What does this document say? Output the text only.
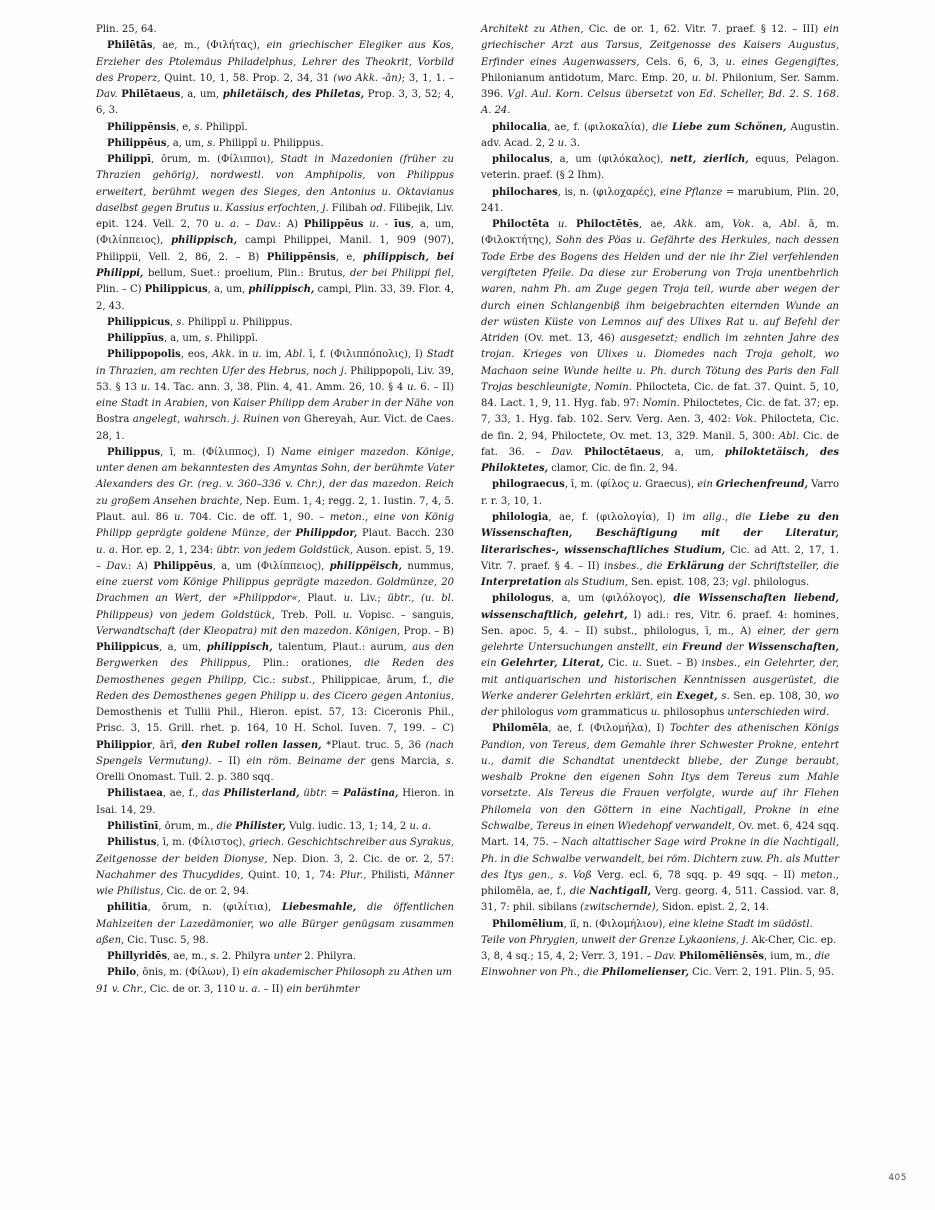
Plin. 25, 64.

Philētās, ae, m., (Φιλήτας), ein griechischer Elegiker aus Kos, Erzieher des Ptolemäus Philadelphus, Lehrer des Theokrit, Vorbild des Properz, Quint. 10, 1, 58. Prop. 2, 34, 31 (wo Akk. -ān); 3, 1, 1. – Dav. Philētaeus, a, um, philetäisch, des Philetas, Prop. 3, 3, 52; 4, 6, 3.

Philippēnsis, e, s. Philippī.

Philippēus, a, um, s. Philippī u. Philippus.

Philippī, ōrum, m. (Φίλιπποι), Stadt in Mazedonien (früher zu Thrazien gehörig), nordwestl. von Amphipolis, von Philippus erweitert, berühmt wegen des Sieges, den Antonius u. Oktavianus daselbst gegen Brutus u. Kassius erfochten, j. Filibah od. Filibejik, Liv. epit. 124. Vell. 2, 70 u. a. – Dav.: A) Philippēus u. - īus, a, um, (Φιλίππειος), philippisch, campi Philippei, Manil. 1, 909 (907), Philippii, Vell. 2, 86, 2. – B) Philippēnsis, e, philippisch, bei Philippi, bellum, Suet.: proelium, Plin.: Brutus, der bei Philippi fiel, Plin. – C) Philippicus, a, um, philippisch, campi, Plin. 33, 39. Flor. 4, 2, 43.

Philippicus, s. Philippī u. Philippus.

Philippīus, a, um, s. Philippī.

Philippopolis, eos, Akk. in u. im, Abl. ī, f. (Φιλιππόπολις), I) Stadt in Thrazien, am rechten Ufer des Hebrus, noch j. Philippopoli, Liv. 39, 53. § 13 u. 14. Tac. ann. 3, 38. Plin. 4, 41. Amm. 26, 10. § 4 u. 6. – II) eine Stadt in Arabien, von Kaiser Philipp dem Araber in der Nähe von Bostra angelegt, wahrsch. j. Ruinen von Ghereyah, Aur. Vict. de Caes. 28, 1.

Philippus, ī, m. (Φίλιππος), I) Name einiger mazedon. Könige, unter denen am bekanntesten des Amyntas Sohn, der berühmte Vater Alexanders des Gr. (reg. v. 360–336 v. Chr.), der das mazedon. Reich zu großem Ansehen brachte, Nep. Eum. 1, 4; regg. 2, 1. Iustin. 7, 4, 5. Plaut. aul. 86 u. 704. Cic. de off. 1, 90. – meton., eine von König Philipp geprägte goldene Münze, der Philippdor, Plaut. Bacch. 230 u. a. Hor. ep. 2, 1, 234: übtr. von jedem Goldstück, Auson. epist. 5, 19. – Dav.: A) Philippēus, a, um (Φιλίππειος), philippëisch, nummus, eine zuerst vom Könige Philippus geprägte mazedon. Goldmünze, 20 Drachmen an Wert, der »Philippdor«, Plaut. u. Liv.; übtr., (u. bl. Philippeus) von jedem Goldstück, Treb. Poll. u. Vopisc. – sanguis, Verwandtschaft (der Kleopatra) mit den mazedon. Königen, Prop. – B) Philippicus, a, um, philippisch, talentum, Plaut.: aurum, aus den Bergwerken des Philippus, Plin.: orationes, die Reden des Demosthenes gegen Philipp, Cic.: subst., Philippicae, ārum, f., die Reden des Demosthenes gegen Philipp u. des Cicero gegen Antonius, Demosthenis et Tullii Phil., Hieron. epist. 57, 13: Ciceronis Phil., Prisc. 3, 15. Grill. rhet. p. 164, 10 H. Schol. Iuven. 7, 199. – C) Philippior, ārī, den Rubel rollen lassen, *Plaut. truc. 5, 36 (nach Spengels Vermutung). – II) ein röm. Beiname der gens Marcia, s. Orelli Onomast. Tull. 2. p. 380 sqq.

Philistaea, ae, f., das Philisterland, übtr. = Palästina, Hieron. in Isai. 14, 29.

Philistīnī, ōrum, m., die Philister, Vulg. iudic. 13, 1; 14, 2 u. a.

Philistus, ī, m. (Φίλιστος), griech. Geschichtschreiber aus Syrakus, Zeitgenosse der beiden Dionyse, Nep. Dion. 3, 2. Cic. de or. 2, 57: Nachahmer des Thucydides, Quint. 10, 1, 74: Plur., Philisti, Männer wie Philistus, Cic. de or. 2, 94.

philitia, ōrum, n. (φιλίτια), Liebesmahle, die öffentlichen Mahlzeiten der Lazedämonier, wo alle Bürger genügsam zusammen aßen, Cic. Tusc. 5, 98.

Phillyridēs, ae, m., s. 2. Philyra unter 2. Philyra.

Philo, ōnis, m. (Φίλων), I) ein akademischer Philosoph zu Athen um 91 v. Chr., Cic. de or. 3, 110 u. a. – II) ein berühmter

Architekt zu Athen, Cic. de or. 1, 62. Vitr. 7. praef. § 12. – III) ein griechischer Arzt aus Tarsus, Zeitgenosse des Kaisers Augustus, Erfinder eines Augenwassers, Cels. 6, 6, 3, u. eines Gegengiftes, Philonianum antidotum, Marc. Emp. 20, u. bl. Philonium, Ser. Samm. 396. Vgl. Aul. Korn. Celsus übersetzt von Ed. Scheller, Bd. 2. S. 168. A. 24.

philocalia, ae, f. (φιλοκαλία), die Liebe zum Schönen, Augustin. adv. Acad. 2, 2 u. 3.

philocalus, a, um (φιλόκαλος), nett, zierlich, equus, Pelagon. veterin. praef. (§ 2 Ihm).

philochares, is, n. (φιλοχαρές), eine Pflanze = marubium, Plin. 20, 241.

Philoctēta u. Philoctētēs, ae, Akk. am, Vok. a, Abl. ā, m. (Φιλοκτήτης), Sohn des Pöas u. Gefährte des Herkules, nach dessen Tode Erbe des Bogens des Helden und der nie ihr Ziel verfehlenden vergifteten Pfeile. Da diese zur Eroberung von Troja unentbehrlich waren, nahm Ph. am Zuge gegen Troja teil, wurde aber wegen der durch einen Schlangenbiß ihm beigebrachten eiternden Wunde an der wüsten Küste von Lemnos auf des Ulixes Rat u. auf Befehl der Atriden (Ov. met. 13, 46) ausgesetzt; endlich im zehnten Jahre des trojan. Krieges von Ulixes u. Diomedes nach Troja geholt, wo Machaon seine Wunde heilte u. Ph. durch Tötung des Paris den Fall Trojas beschleunigte, Nomin. Philocteta, Cic. de fat. 37. Quint. 5, 10, 84. Lact. 1, 9, 11. Hyg. fab. 97: Nomin. Philoctetes, Cic. de fat. 37; ep. 7, 33, 1. Hyg. fab. 102. Serv. Verg. Aen. 3, 402: Vok. Philocteta, Cic. de fin. 2, 94, Philoctete, Ov. met. 13, 329. Manil. 5, 300: Abl. Cic. de fat. 36. – Dav. Philoctētaeus, a, um, philoktetäisch, des Philoktetes, clamor, Cic. de fin. 2, 94.

philograecus, ī, m. (φίλος u. Graecus), ein Griechenfreund, Varro r. r. 3, 10, 1.

philologia, ae, f. (φιλολογία), I) im allg., die Liebe zu den Wissenschaften, Beschäftigung mit der Literatur, literarisches-, wissenschaftliches Studium, Cic. ad Att. 2, 17, 1. Vitr. 7. praef. § 4. – II) insbes., die Erklärung der Schriftsteller, die Interpretation als Studium, Sen. epist. 108, 23; vgl. philologus.

philologus, a, um (φιλόλογος), die Wissenschaften liebend, wissenschaftlich, gelehrt, I) adi.: res, Vitr. 6. praef. 4: homines, Sen. apoc. 5, 4. – II) subst., philologus, ī, m., A) einer, der gern gelehrte Untersuchungen anstellt, ein Freund der Wissenschaften, ein Gelehrter, Literat, Cic. u. Suet. – B) insbes., ein Gelehrter, der, mit antiquarischen und historischen Kenntnissen ausgerüstet, die Werke anderer Gelehrten erklärt, ein Exeget, s. Sen. ep. 108, 30, wo der philologus vom grammaticus u. philosophus unterschieden wird.

Philomēla, ae, f. (Φιλομήλα), I) Tochter des athenischen Königs Pandion, von Tereus, dem Gemahle ihrer Schwester Prokne, entehrt u., damit die Schandtat unentdeckt bliebe, der Zunge beraubt, weshalb Prokne den eigenen Sohn Itys dem Tereus zum Mahle vorsetzte. Als Tereus die Frauen verfolgte, wurde auf ihr Flehen Philomela von den Göttern in eine Nachtigall, Prokne in eine Schwalbe, Tereus in einen Wiedehopf verwandelt, Ov. met. 6, 424 sqq. Mart. 14, 75. – Nach altattischer Sage wird Prokne in die Nachtigall, Ph. in die Schwalbe verwandelt, bei röm. Dichtern zuw. Ph. als Mutter des Itys gen., s. Voß Verg. ecl. 6, 78 sqq. p. 49 sqq. – II) meton., philomēla, ae, f., die Nachtigall, Verg. georg. 4, 511. Cassiod. var. 8, 31, 7: phil. sibilans (zwitschernde), Sidon. epist. 2, 2, 14.

Philomēlium, iī, n. (Φιλομήλιον), eine kleine Stadt im südöstl. Teile von Phrygien, unweit der Grenze Lykaoniens, j. Ak-Cher, Cic. ep. 3, 8, 4 sq.; 15, 4, 2; Verr. 3, 191. – Dav. Philomēliēnsēs, ium, m., die Einwohner von Ph., die Philomelienser, Cic. Verr. 2, 191. Plin. 5, 95.

405
